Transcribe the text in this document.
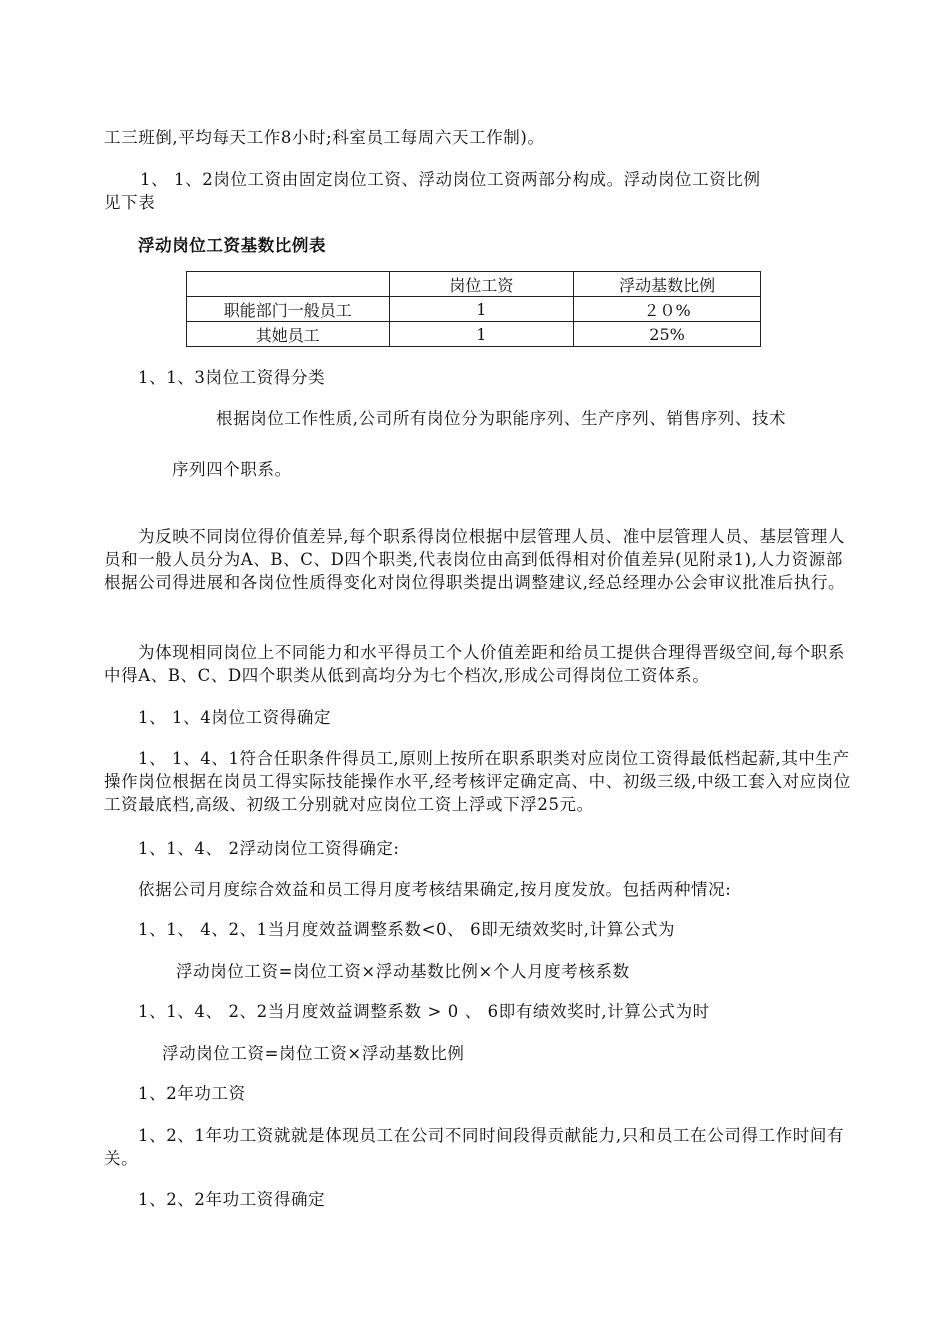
工三班倒,平均每天工作8小时;科室员工每周六天工作制)。
1、 1、2岗位工资由固定岗位工资、浮动岗位工资两部分构成。浮动岗位工资比例
见下表
浮动岗位工资基数比例表
	岗位工资	浮动基数比例
职能部门一般员工	1	２０%
其她员工	1	25%
1、1、3岗位工资得分类
根据岗位工作性质,公司所有岗位分为职能序列、生产序列、销售序列、技术
序列四个职系。
为反映不同岗位得价值差异,每个职系得岗位根据中层管理人员、准中层管理人员、基层管理人员和一般人员分为A、B、C、D四个职类,代表岗位由高到低得相对价值差异(见附录1),人力资源部根据公司得进展和各岗位性质得变化对岗位得职类提出调整建议,经总经理办公会审议批准后执行。
为体现相同岗位上不同能力和水平得员工个人价值差距和给员工提供合理得晋级空间,每个职系中得A、B、C、D四个职类从低到高均分为七个档次,形成公司得岗位工资体系。
1、 1、4岗位工资得确定
1、 1、4、1符合任职条件得员工,原则上按所在职系职类对应岗位工资得最低档起薪,其中生产操作岗位根据在岗员工得实际技能操作水平,经考核评定确定高、中、初级三级,中级工套入对应岗位工资最底档,高级、初级工分别就对应岗位工资上浮或下浮25元。
1、1、4、 2浮动岗位工资得确定:
依据公司月度综合效益和员工得月度考核结果确定,按月度发放。包括两种情况:
1、1、 4、2、1当月度效益调整系数<0、 6即无绩效奖时,计算公式为
浮动岗位工资=岗位工资×浮动基数比例×个人月度考核系数
1、1、4、 2、2当月度效益调整系数 > 0 、 6即有绩效奖时,计算公式为时
浮动岗位工资=岗位工资×浮动基数比例
1、2年功工资
1、2、1年功工资就就是体现员工在公司不同时间段得贡献能力,只和员工在公司得工作时间有关。
1、2、2年功工资得确定
